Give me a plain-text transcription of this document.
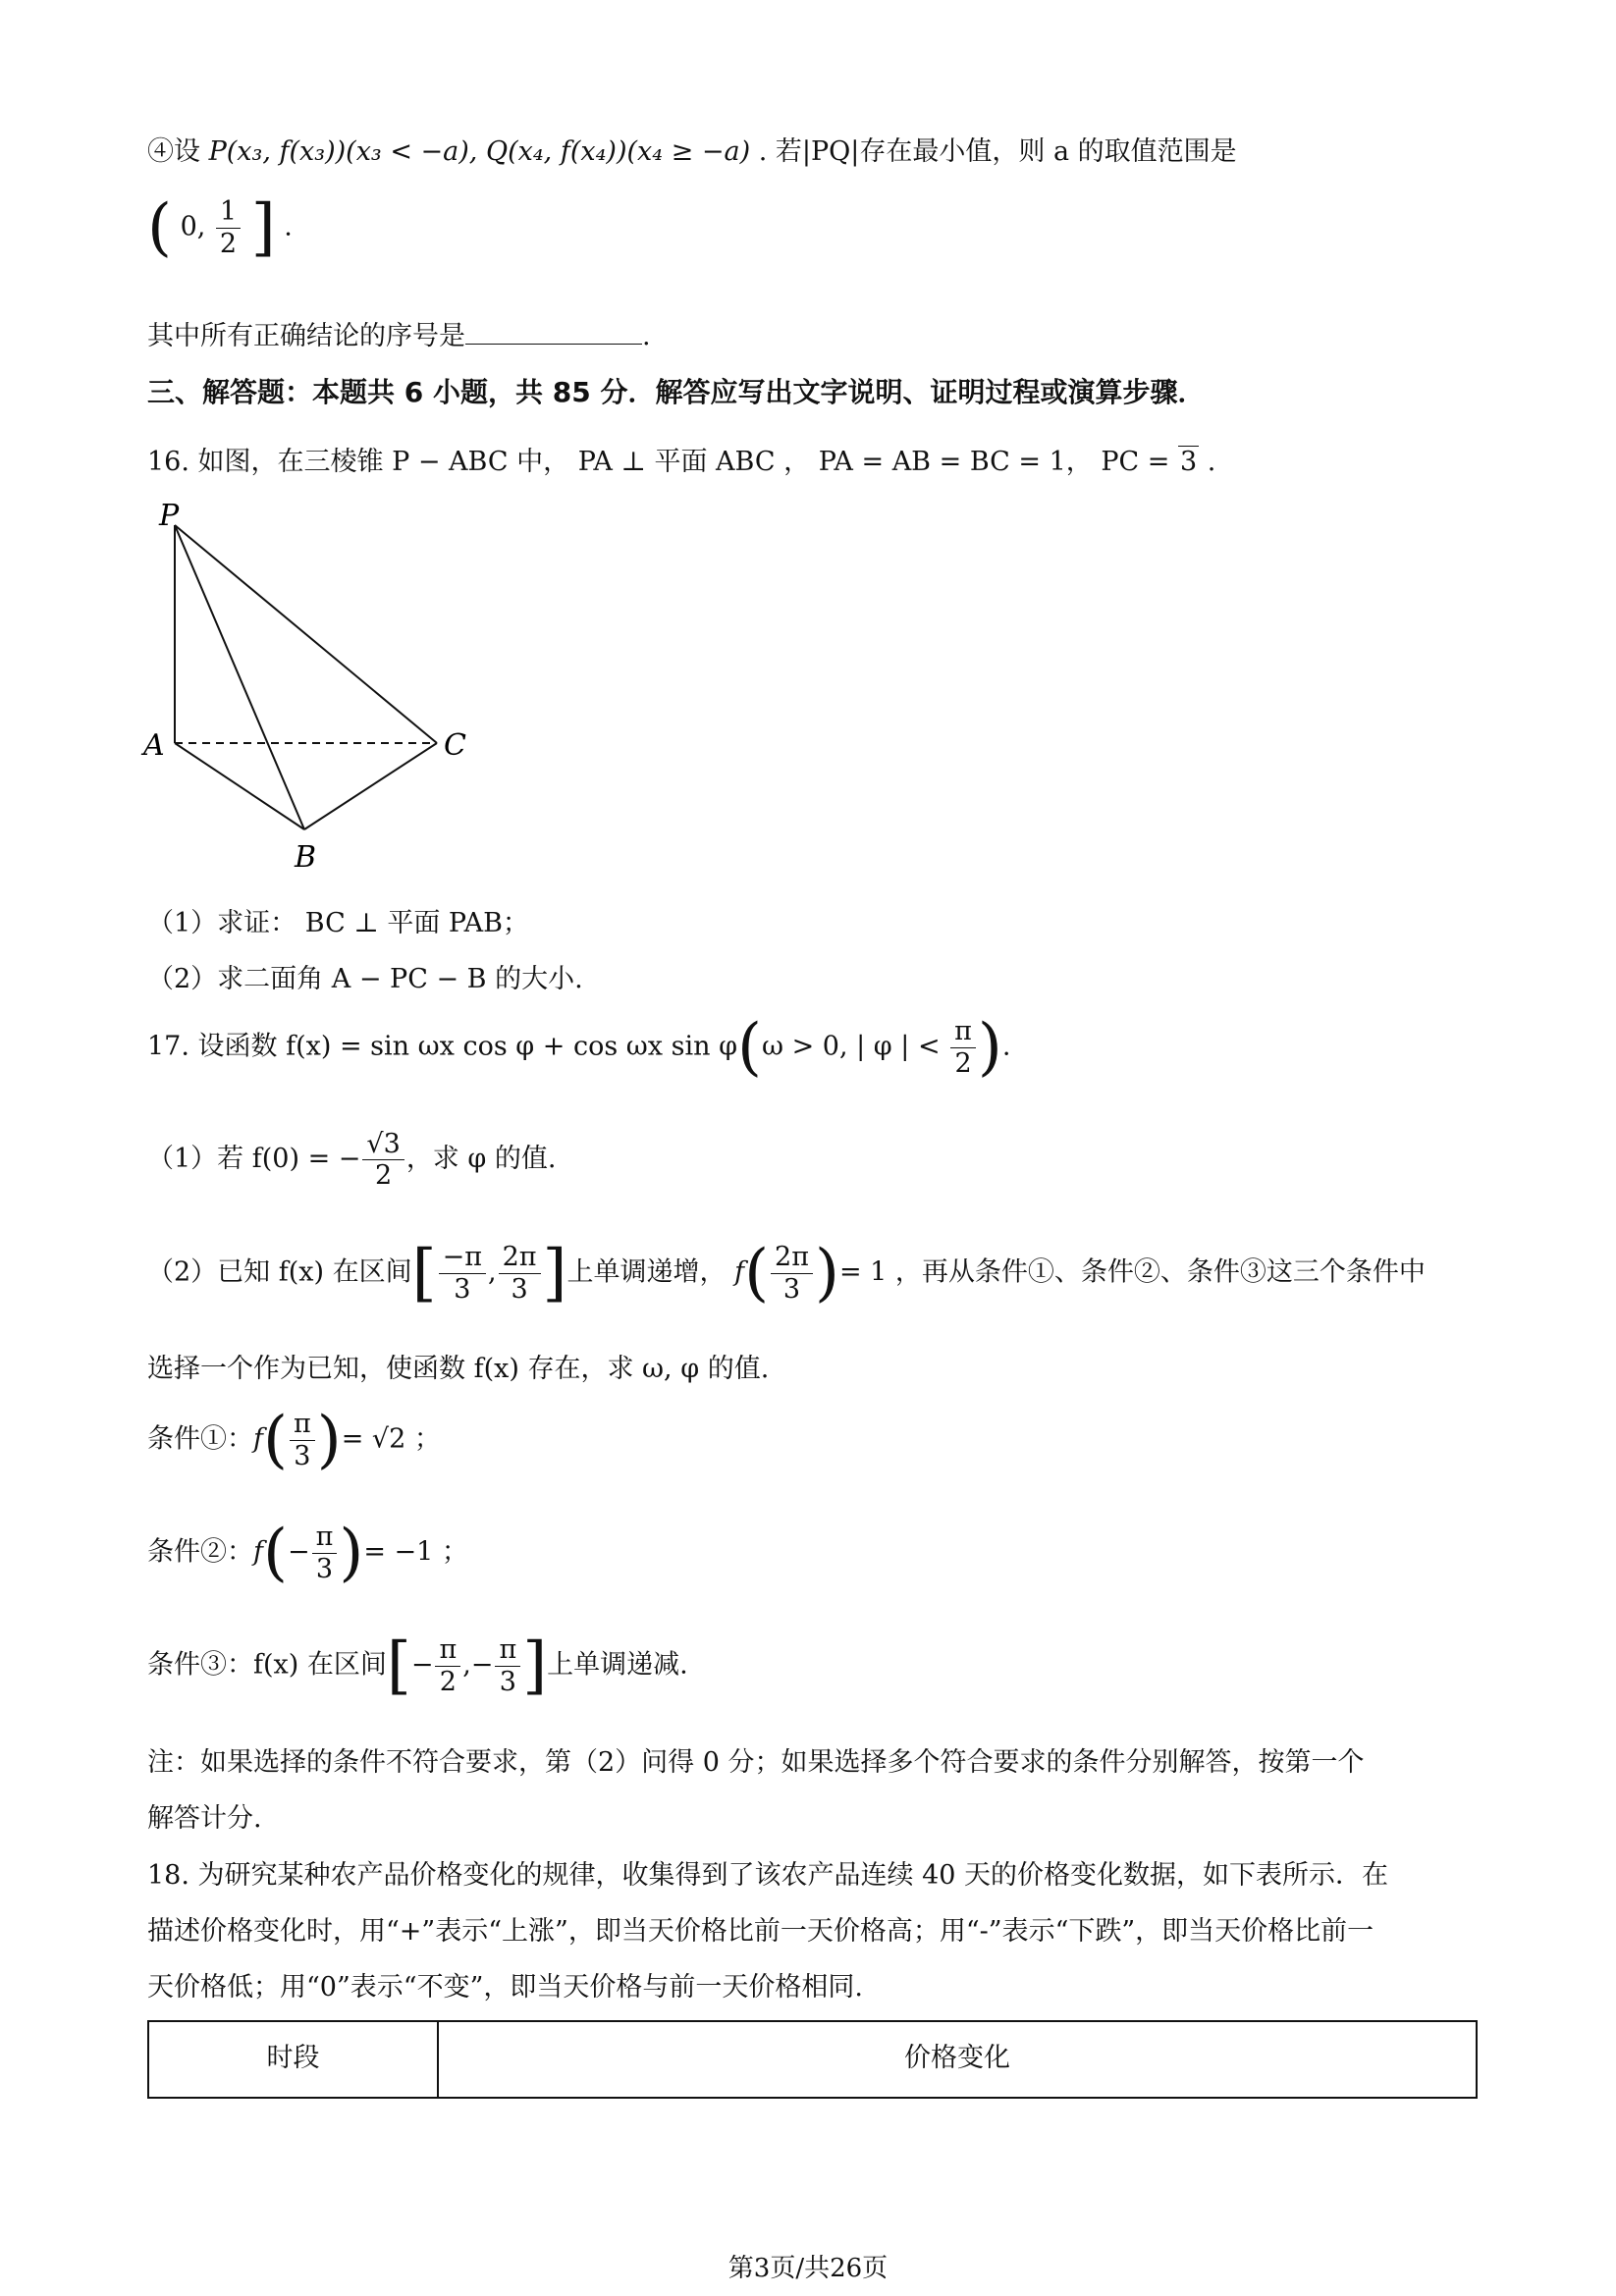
④设 P(x₃, f(x₃))(x₃ < −a), Q(x₄, f(x₄))(x₄ ≥ −a) . 若|PQ|存在最小值，则 a 的取值范围是
( 0, $\frac{1}{2}$ ] .
其中所有正确结论的序号是	.
三、解答题：本题共 6 小题，共 85 分．解答应写出文字说明、证明过程或演算步骤．
16. 如图，在三棱锥 P − ABC 中， PA ⊥ 平面 ABC ， PA = AB = BC = 1， PC = 3 .
P
A
B
C
（1）求证： BC ⊥ 平面 PAB；
（2）求二面角 A − PC − B 的大小.
17. 设函数 f(x) = sin ωx cos φ + cos ωx sin φ(ω > 0, | φ | < $\frac{\pi}{2}$ ).
（1）若 f(0) = − $\frac{√3}{2}$ ，求 φ 的值.
（2）已知 f(x) 在区间[ $\frac{-\pi}{3}$ , $\frac{2\pi}{3}$ ]上单调递增， $f( \frac{2\pi}{3}$ )= 1 ，再从条件①、条件②、条件③这三个条件中
选择一个作为已知，使函数 f(x) 存在，求 ω, φ 的值.
条件①：$f( \frac{\pi}{3}$ )= √2 ；
条件②：$f(- \frac{\pi}{3}$ )= −1 ；
条件③：f(x) 在区间[− $\frac{\pi}{2}$ ,− $\frac{\pi}{3}$ ]上单调递减.
注：如果选择的条件不符合要求，第（2）问得 0 分；如果选择多个符合要求的条件分别解答，按第一个
解答计分.
18. 为研究某种农产品价格变化的规律，收集得到了该农产品连续 40 天的价格变化数据，如下表所示．在
描述价格变化时，用“+”表示“上涨”，即当天价格比前一天价格高；用“-”表示“下跌”，即当天价格比前一
天价格低；用“0”表示“不变”，即当天价格与前一天价格相同.
时段	价格变化
第3页/共26页
